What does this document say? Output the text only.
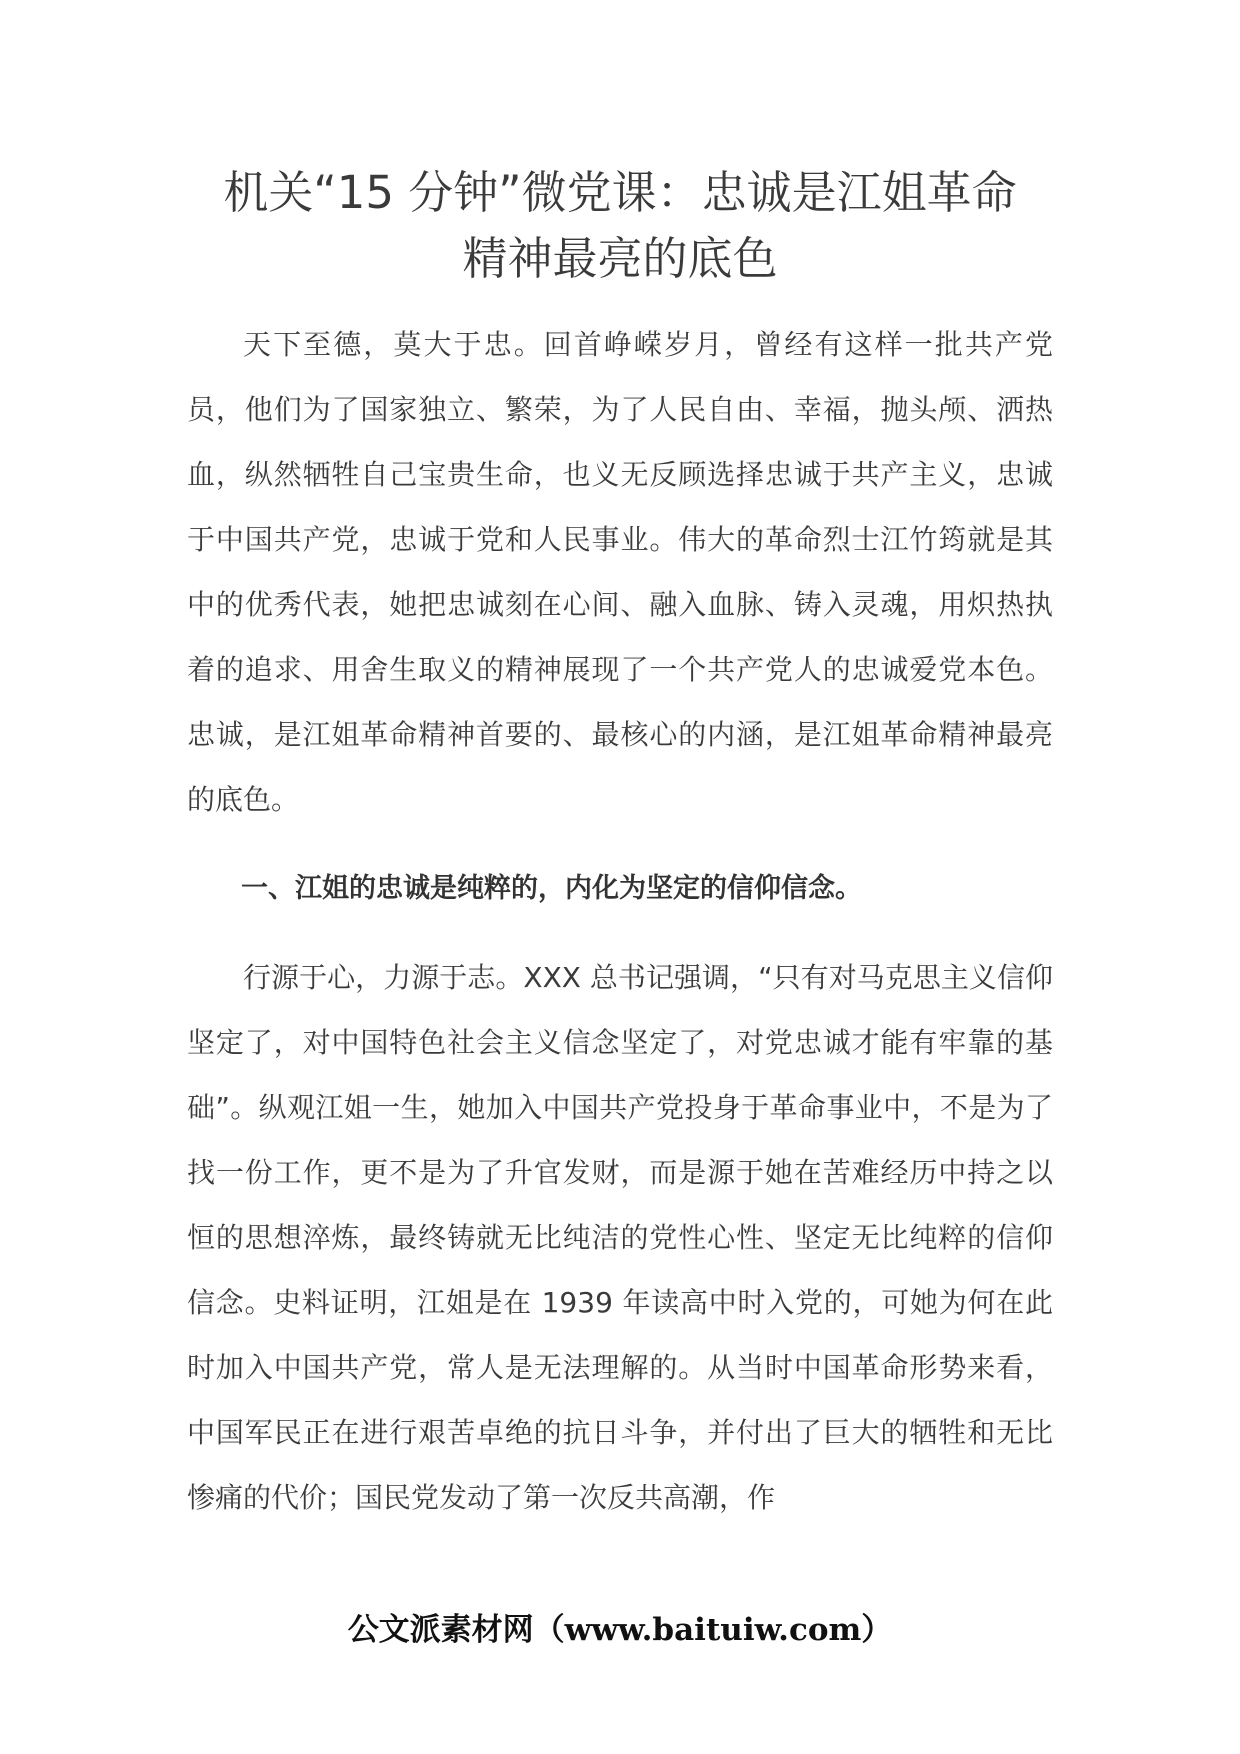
机关“15 分钟”微党课：忠诚是江姐革命
精神最亮的底色

天下至德，莫大于忠。回首峥嵘岁月，曾经有这样一批共产党员，他们为了国家独立、繁荣，为了人民自由、幸福，抛头颅、洒热血，纵然牺牲自己宝贵生命，也义无反顾选择忠诚于共产主义，忠诚于中国共产党，忠诚于党和人民事业。伟大的革命烈士江竹筠就是其中的优秀代表，她把忠诚刻在心间、融入血脉、铸入灵魂，用炽热执着的追求、用舍生取义的精神展现了一个共产党人的忠诚爱党本色。忠诚，是江姐革命精神首要的、最核心的内涵，是江姐革命精神最亮的底色。

一、江姐的忠诚是纯粹的，内化为坚定的信仰信念。

行源于心，力源于志。XXX 总书记强调，“只有对马克思主义信仰坚定了，对中国特色社会主义信念坚定了，对党忠诚才能有牢靠的基础”。纵观江姐一生，她加入中国共产党投身于革命事业中，不是为了找一份工作，更不是为了升官发财，而是源于她在苦难经历中持之以恒的思想淬炼，最终铸就无比纯洁的党性心性、坚定无比纯粹的信仰信念。史料证明，江姐是在 1939 年读高中时入党的，可她为何在此时加入中国共产党，常人是无法理解的。从当时中国革命形势来看，中国军民正在进行艰苦卓绝的抗日斗争，并付出了巨大的牺牲和无比惨痛的代价；国民党发动了第一次反共高潮，作

公文派素材网（www.baituiw.com）
